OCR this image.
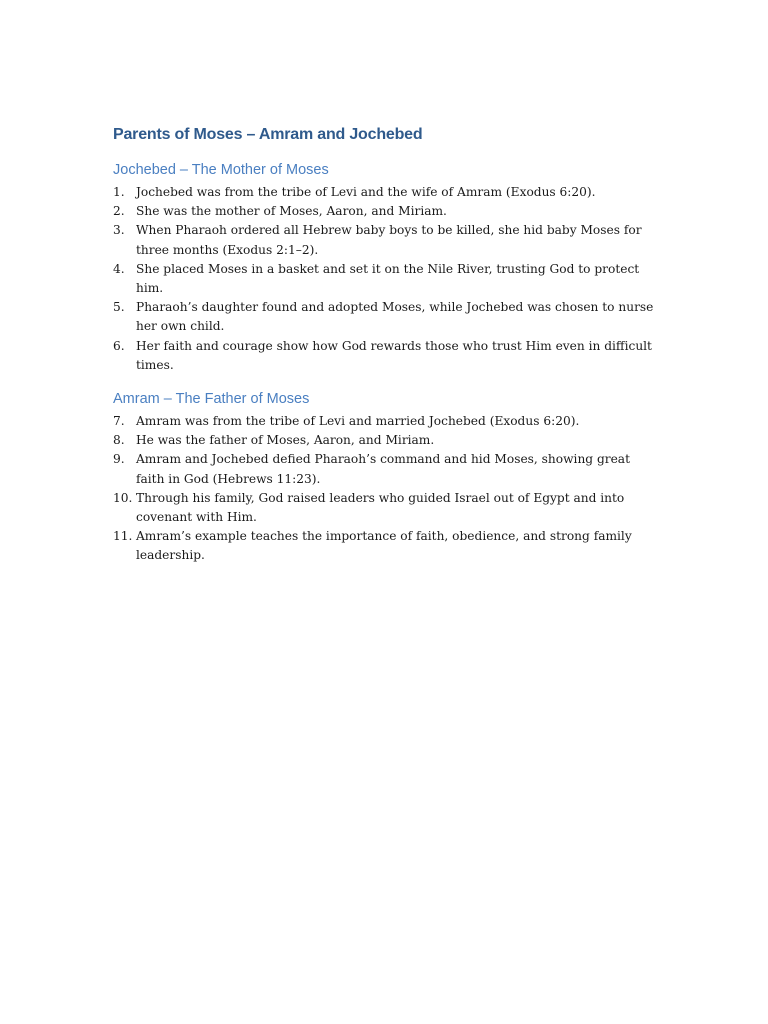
Parents of Moses – Amram and Jochebed
Jochebed – The Mother of Moses
1. Jochebed was from the tribe of Levi and the wife of Amram (Exodus 6:20).
2. She was the mother of Moses, Aaron, and Miriam.
3. When Pharaoh ordered all Hebrew baby boys to be killed, she hid baby Moses for three months (Exodus 2:1–2).
4. She placed Moses in a basket and set it on the Nile River, trusting God to protect him.
5. Pharaoh’s daughter found and adopted Moses, while Jochebed was chosen to nurse her own child.
6. Her faith and courage show how God rewards those who trust Him even in difficult times.
Amram – The Father of Moses
7. Amram was from the tribe of Levi and married Jochebed (Exodus 6:20).
8. He was the father of Moses, Aaron, and Miriam.
9. Amram and Jochebed defied Pharaoh’s command and hid Moses, showing great faith in God (Hebrews 11:23).
10. Through his family, God raised leaders who guided Israel out of Egypt and into covenant with Him.
11. Amram’s example teaches the importance of faith, obedience, and strong family leadership.
